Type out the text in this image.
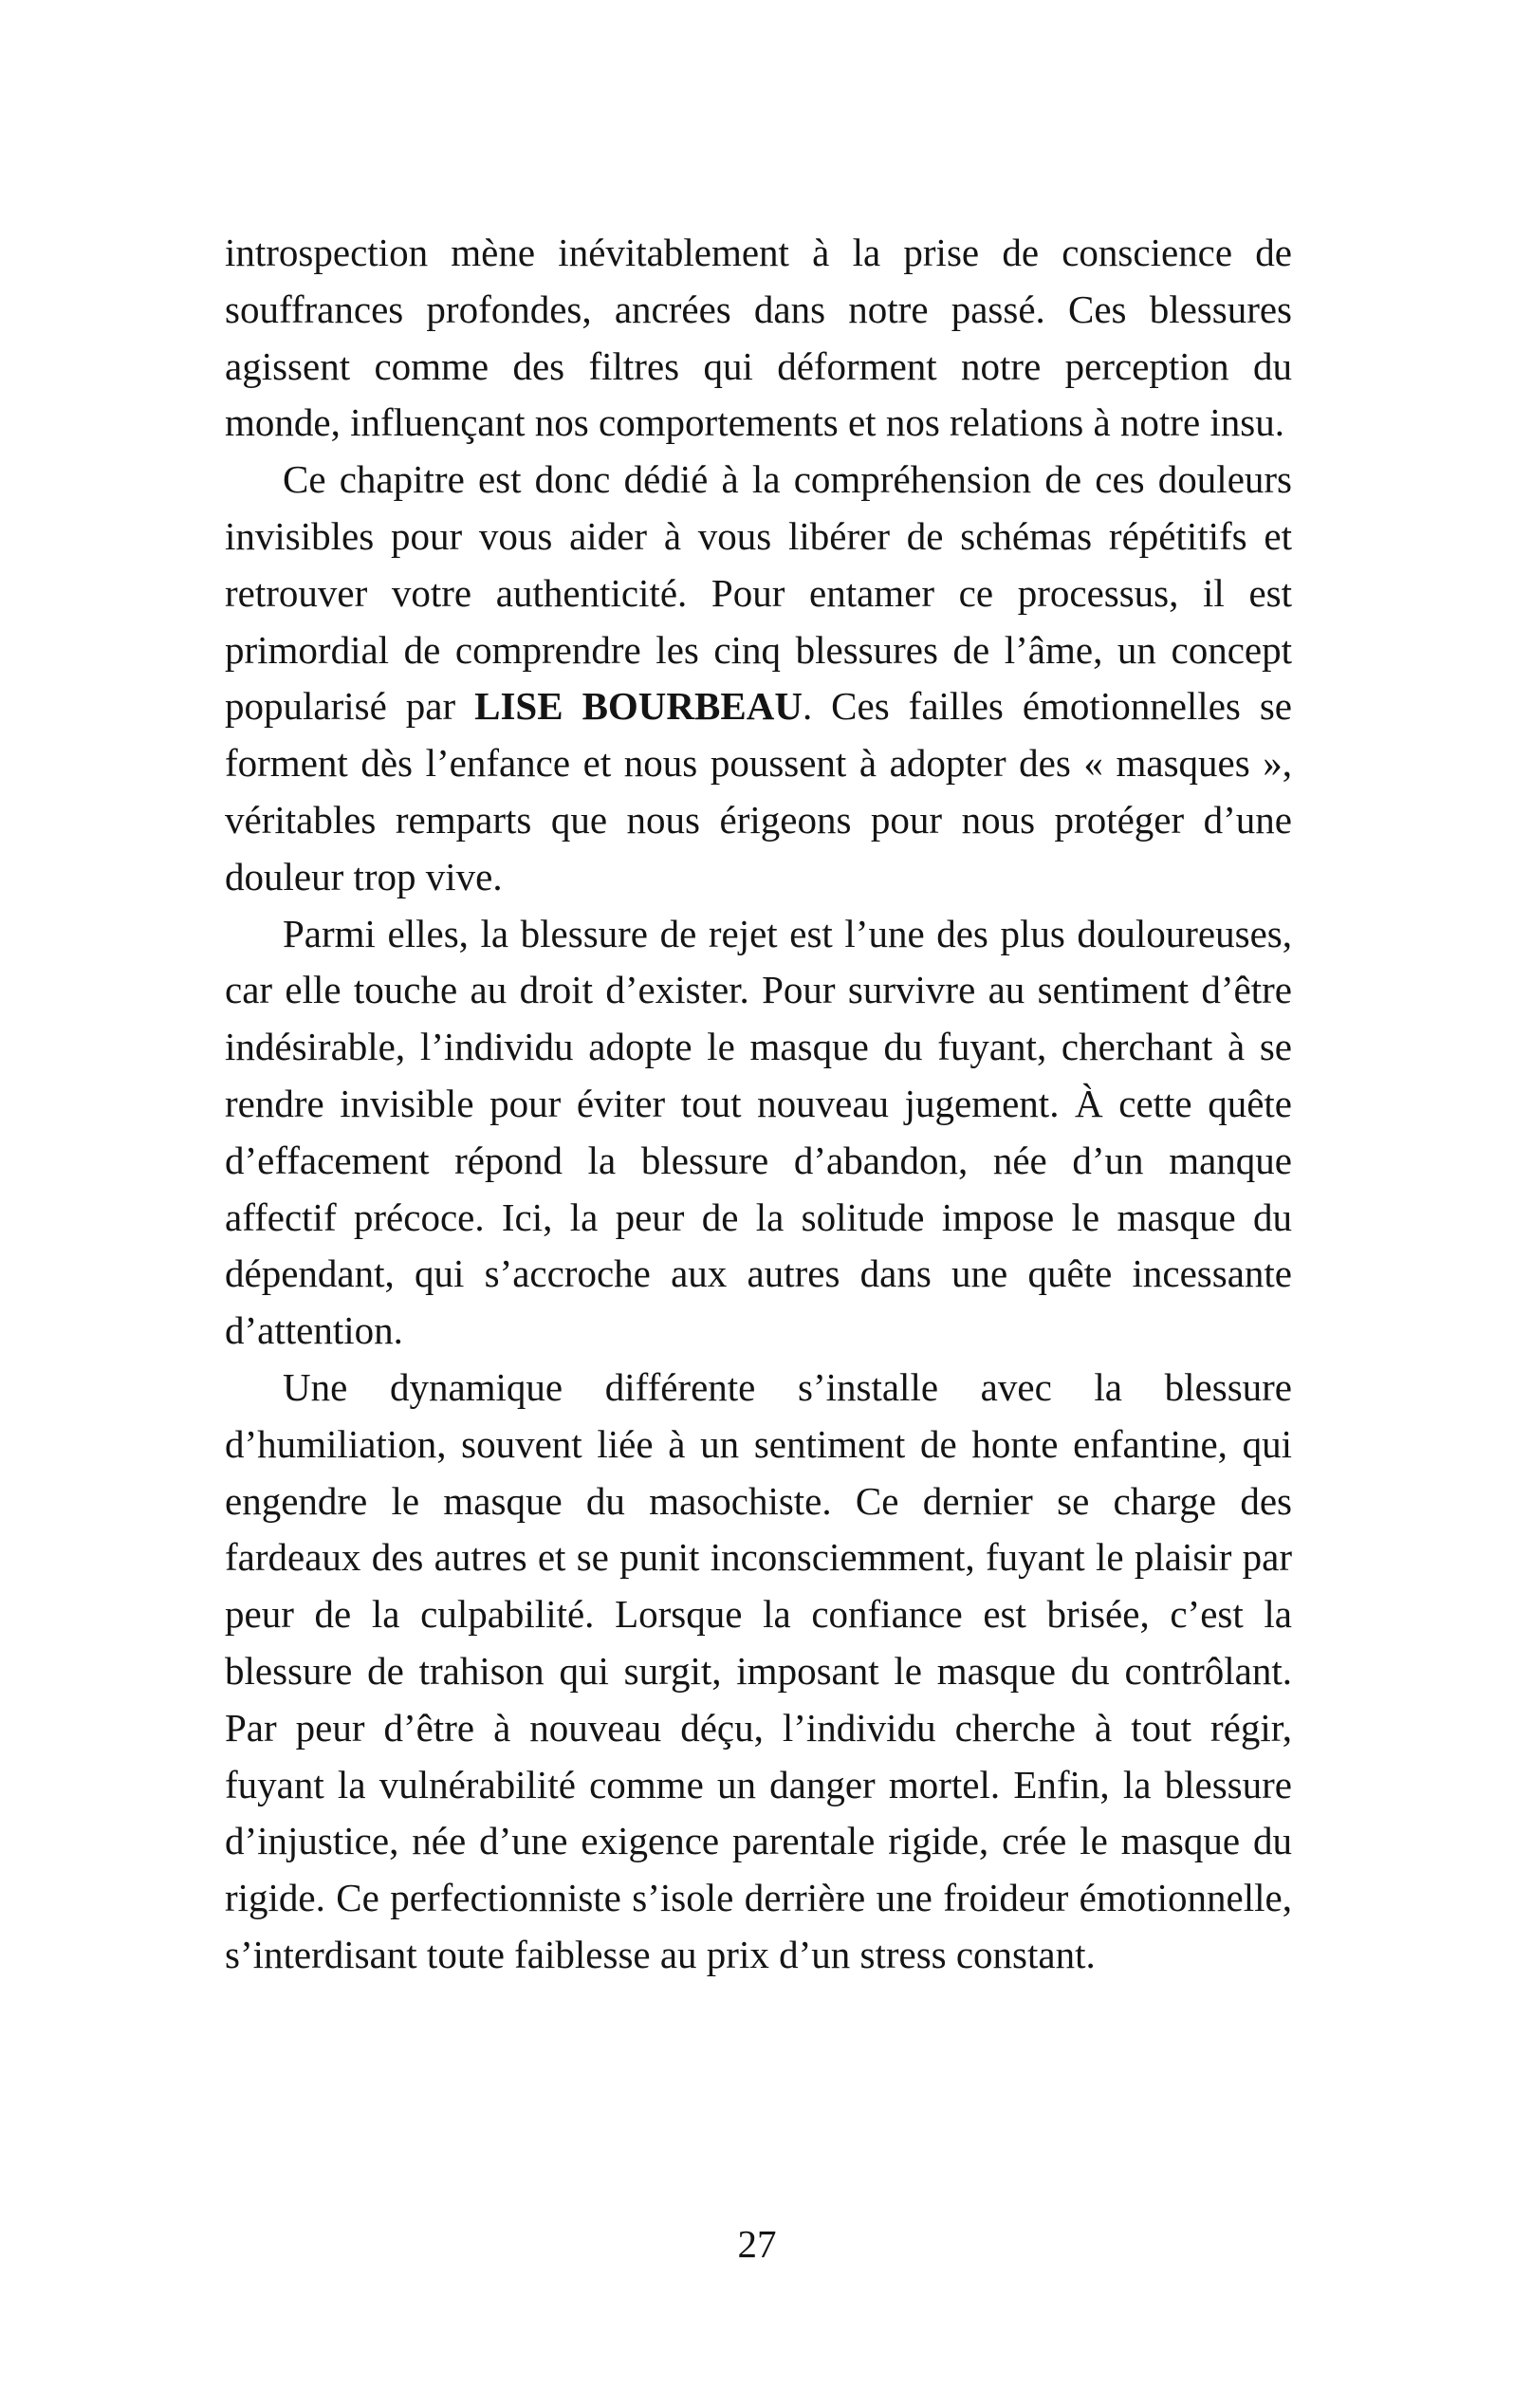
introspection mène inévitablement à la prise de conscience de souffrances profondes, ancrées dans notre passé. Ces blessures agissent comme des filtres qui déforment notre perception du monde, influençant nos comportements et nos relations à notre insu.

Ce chapitre est donc dédié à la compréhension de ces douleurs invisibles pour vous aider à vous libérer de schémas répétitifs et retrouver votre authenticité. Pour entamer ce processus, il est primordial de comprendre les cinq blessures de l’âme, un concept popularisé par LISE BOURBEAU. Ces failles émotionnelles se forment dès l’enfance et nous poussent à adopter des « masques », véritables remparts que nous érigeons pour nous protéger d’une douleur trop vive.

Parmi elles, la blessure de rejet est l’une des plus douloureuses, car elle touche au droit d’exister. Pour survivre au sentiment d’être indésirable, l’individu adopte le masque du fuyant, cherchant à se rendre invisible pour éviter tout nouveau jugement. À cette quête d’effacement répond la blessure d’abandon, née d’un manque affectif précoce. Ici, la peur de la solitude impose le masque du dépendant, qui s’accroche aux autres dans une quête incessante d’attention.

Une dynamique différente s’installe avec la blessure d’humiliation, souvent liée à un sentiment de honte enfantine, qui engendre le masque du masochiste. Ce dernier se charge des fardeaux des autres et se punit inconsciemment, fuyant le plaisir par peur de la culpabilité. Lorsque la confiance est brisée, c’est la blessure de trahison qui surgit, imposant le masque du contrôlant. Par peur d’être à nouveau déçu, l’individu cherche à tout régir, fuyant la vulnérabilité comme un danger mortel. Enfin, la blessure d’injustice, née d’une exigence parentale rigide, crée le masque du rigide. Ce perfectionniste s’isole derrière une froideur émotionnelle, s’interdisant toute faiblesse au prix d’un stress constant.

27
